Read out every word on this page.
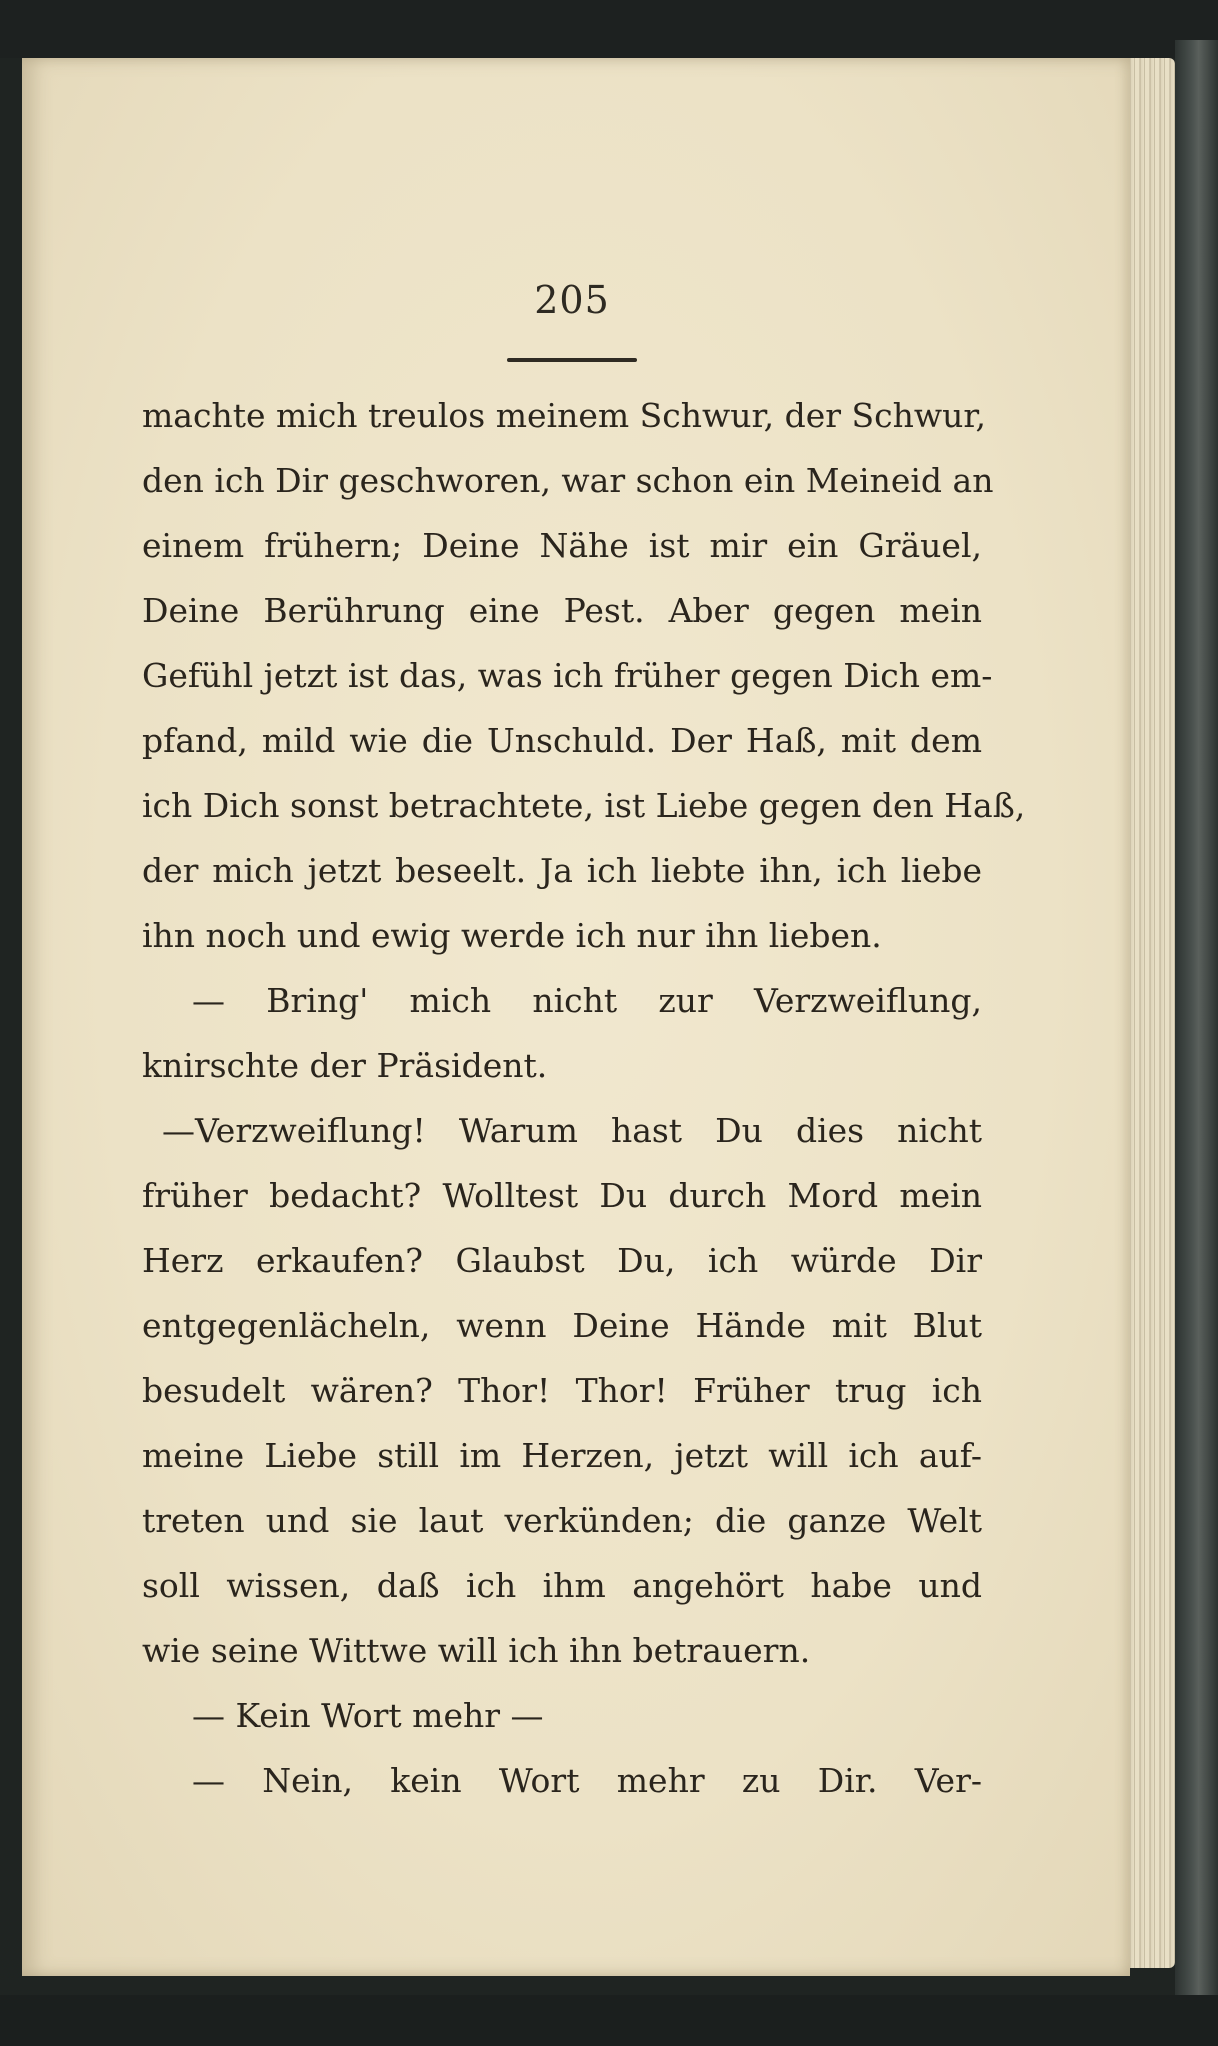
205
machte mich treulos meinem Schwur, der Schwur,
den ich Dir geschworen, war schon ein Meineid an
einem frühern; Deine Nähe ist mir ein Gräuel,
Deine Berührung eine Pest. Aber gegen mein
Gefühl jetzt ist das, was ich früher gegen Dich em-
pfand, mild wie die Unschuld. Der Haß, mit dem
ich Dich sonst betrachtete, ist Liebe gegen den Haß,
der mich jetzt beseelt. Ja ich liebte ihn, ich liebe
ihn noch und ewig werde ich nur ihn lieben.
— Bring' mich nicht zur Verzweiflung,
knirschte der Präsident.
—Verzweiflung! Warum hast Du dies nicht
früher bedacht? Wolltest Du durch Mord mein
Herz erkaufen? Glaubst Du, ich würde Dir
entgegenlächeln, wenn Deine Hände mit Blut
besudelt wären? Thor! Thor! Früher trug ich
meine Liebe still im Herzen, jetzt will ich auf-
treten und sie laut verkünden; die ganze Welt
soll wissen, daß ich ihm angehört habe und
wie seine Wittwe will ich ihn betrauern.
— Kein Wort mehr —
— Nein, kein Wort mehr zu Dir. Ver-
